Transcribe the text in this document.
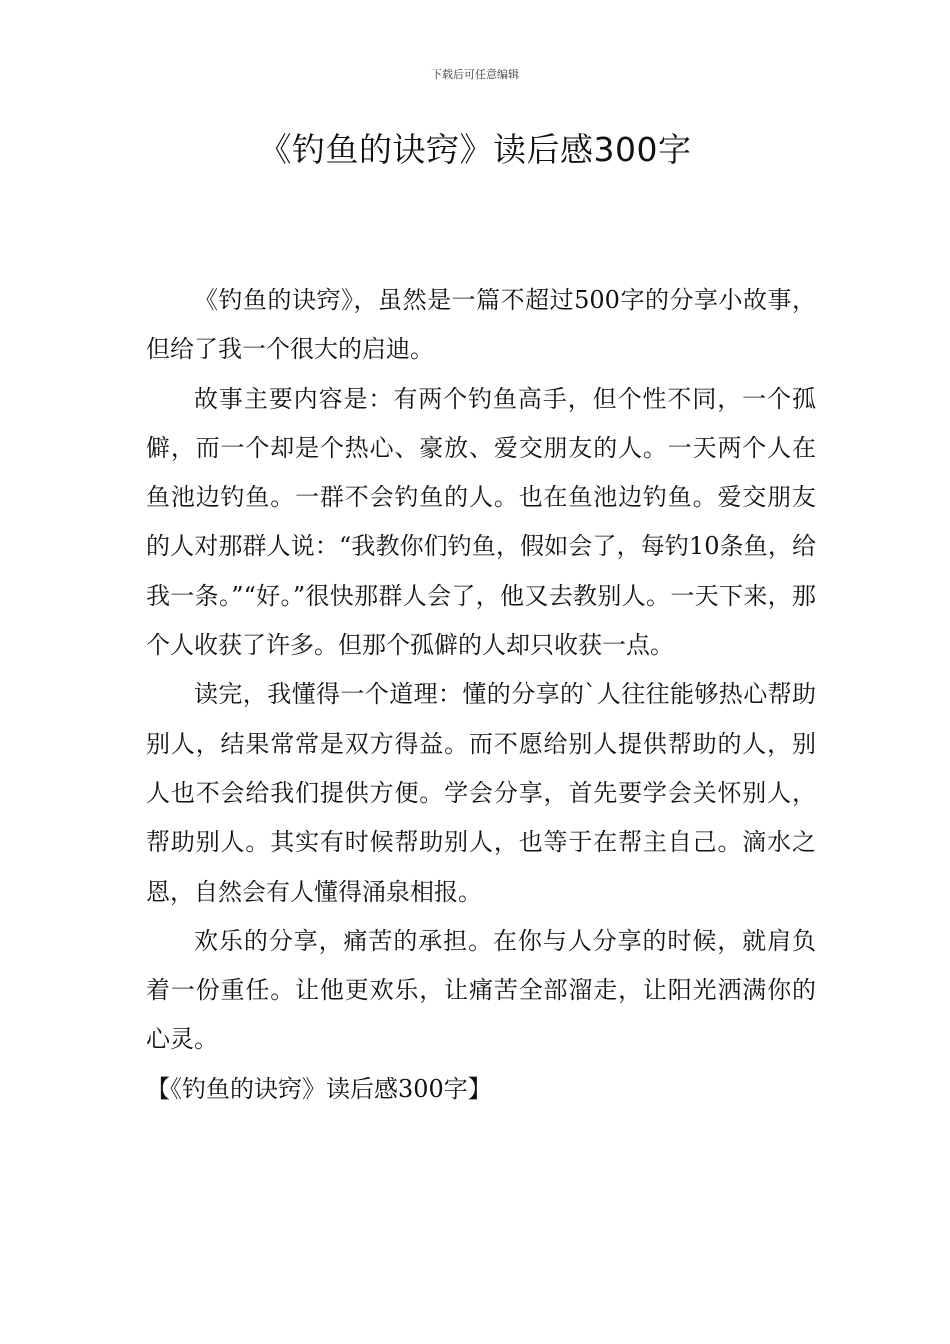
下载后可任意编辑
《钓鱼的诀窍》读后感300字

《钓鱼的诀窍》，虽然是一篇不超过500字的分享小故事，但给了我一个很大的启迪。

故事主要内容是：有两个钓鱼高手，但个性不同，一个孤僻，而一个却是个热心、豪放、爱交朋友的人。一天两个人在鱼池边钓鱼。一群不会钓鱼的人。也在鱼池边钓鱼。爱交朋友的人对那群人说：“我教你们钓鱼，假如会了，每钓10条鱼，给我一条。”“好。”很快那群人会了，他又去教别人。一天下来，那个人收获了许多。但那个孤僻的人却只收获一点。

读完，我懂得一个道理：懂的分享的`人往往能够热心帮助别人，结果常常是双方得益。而不愿给别人提供帮助的人，别人也不会给我们提供方便。学会分享，首先要学会关怀别人，帮助别人。其实有时候帮助别人，也等于在帮主自己。滴水之恩，自然会有人懂得涌泉相报。

欢乐的分享，痛苦的承担。在你与人分享的时候，就肩负着一份重任。让他更欢乐，让痛苦全部溜走，让阳光洒满你的心灵。

【《钓鱼的诀窍》读后感300字】
